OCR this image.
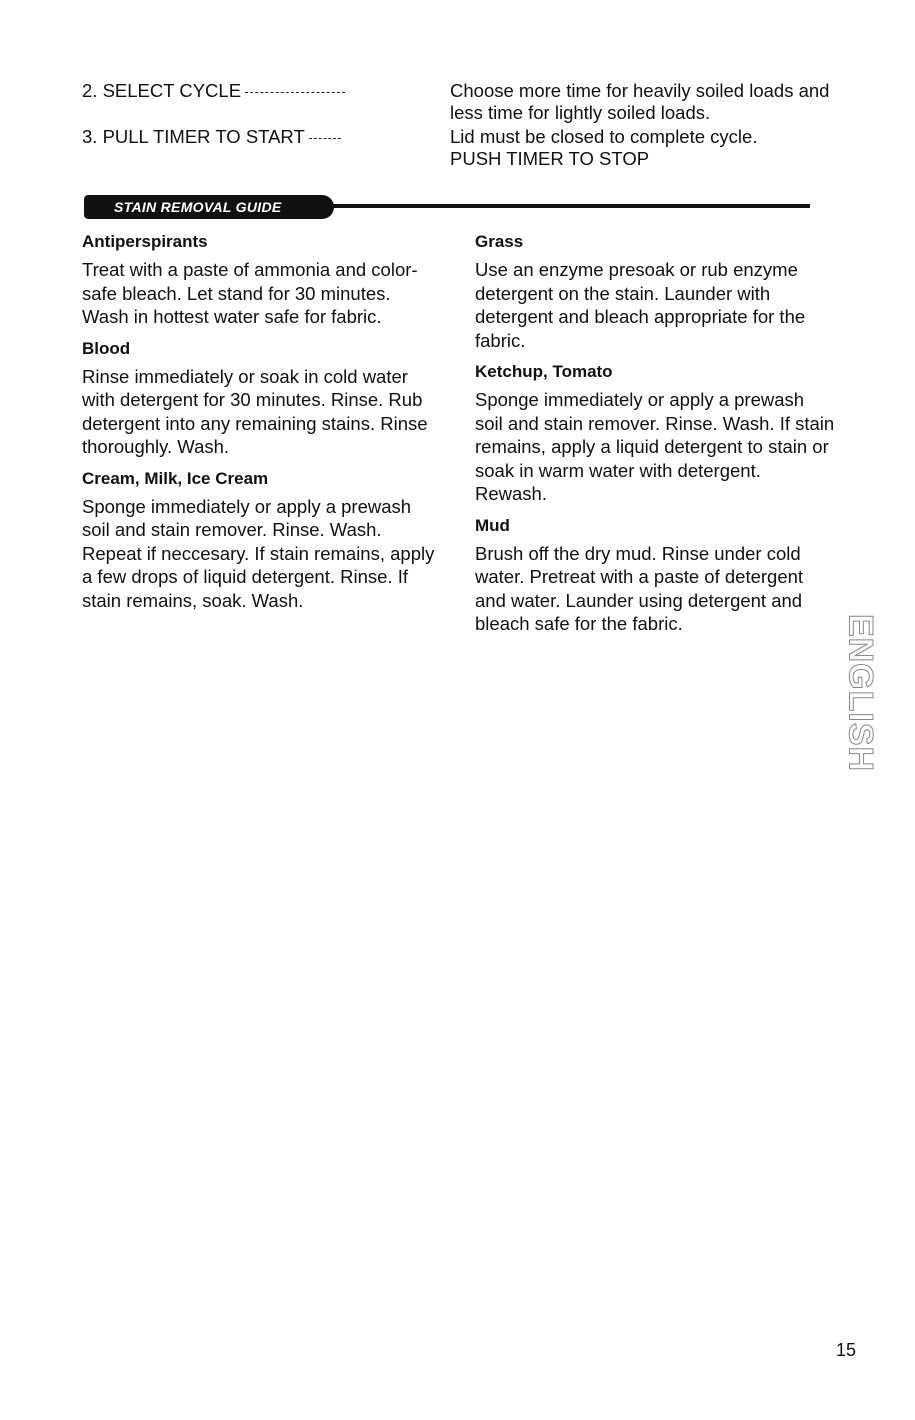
2. SELECT CYCLE	Choose more time for heavily soiled loads and
less time for lightly soiled loads.
3. PULL TIMER TO START	Lid must be closed to complete cycle.
PUSH TIMER TO STOP
STAIN REMOVAL GUIDE
Antiperspirants

Treat with a paste of ammonia and color-safe bleach. Let stand for 30 minutes. Wash in hottest water safe for fabric.

Blood

Rinse immediately or soak in cold water with detergent for 30 minutes. Rinse. Rub detergent into any remaining stains. Rinse thoroughly. Wash.

Cream, Milk, Ice Cream

Sponge immediately or apply a prewash soil and stain remover. Rinse. Wash. Repeat if neccesary. If stain remains, apply a few drops of liquid detergent. Rinse. If stain remains, soak. Wash.

Grass

Use an enzyme presoak or rub enzyme detergent on the stain. Launder with detergent and bleach appropriate for the fabric.

Ketchup, Tomato

Sponge immediately or apply a prewash soil and stain remover. Rinse. Wash. If stain remains, apply a liquid detergent to stain or soak in warm water with detergent. Rewash.

Mud

Brush off the dry mud. Rinse under cold water. Pretreat with a paste of detergent and water. Launder using detergent and bleach safe for the fabric.	ENGLISH
15
